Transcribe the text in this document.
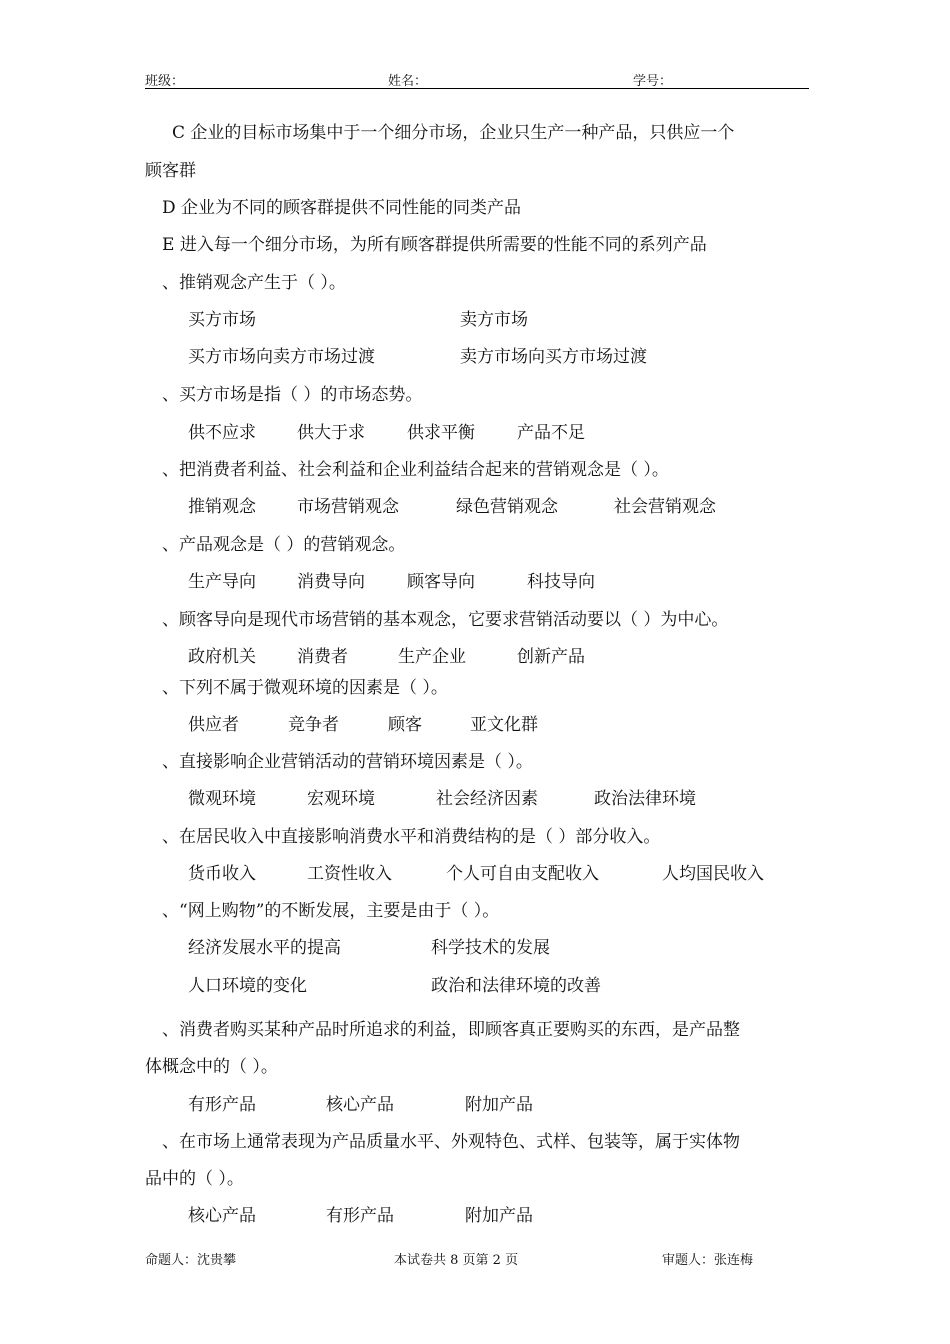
班级：	姓名：	学号：
C 企业的目标市场集中于一个细分市场，企业只生产一种产品，只供应一个
顾客群
D 企业为不同的顾客群提供不同性能的同类产品
E 进入每一个细分市场，为所有顾客群提供所需要的性能不同的系列产品
、推销观念产生于（ ）。
买方市场	卖方市场
买方市场向卖方市场过渡	卖方市场向买方市场过渡
、买方市场是指（ ）的市场态势。
供不应求 供大于求 供求平衡 产品不足
、把消费者利益、社会利益和企业利益结合起来的营销观念是（ ）。
推销观念 市场营销观念	绿色营销观念	社会营销观念
、产品观念是（ ）的营销观念。
生产导向 消费导向 顾客导向	科技导向
、顾客导向是现代市场营销的基本观念，它要求营销活动要以（ ）为中心。
政府机关 消费者	生产企业	创新产品
、下列不属于微观环境的因素是（ ）。
供应者	竞争者	顾客	亚文化群
、直接影响企业营销活动的营销环境因素是（ ）。
微观环境	宏观环境	社会经济因素	政治法律环境
、在居民收入中直接影响消费水平和消费结构的是（ ）部分收入。
货币收入	工资性收入	个人可自由支配收入	人均国民收入
、“网上购物”的不断发展，主要是由于（ ）。
经济发展水平的提高	科学技术的发展
人口环境的变化	政治和法律环境的改善
、消费者购买某种产品时所追求的利益，即顾客真正要购买的东西，是产品整
体概念中的（ ）。
有形产品	核心产品	附加产品
、在市场上通常表现为产品质量水平、外观特色、式样、包装等，属于实体物
品中的（ ）。
核心产品	有形产品	附加产品
命题人：沈贵攀	本试卷共 8 页第 2 页	审题人：张连梅
